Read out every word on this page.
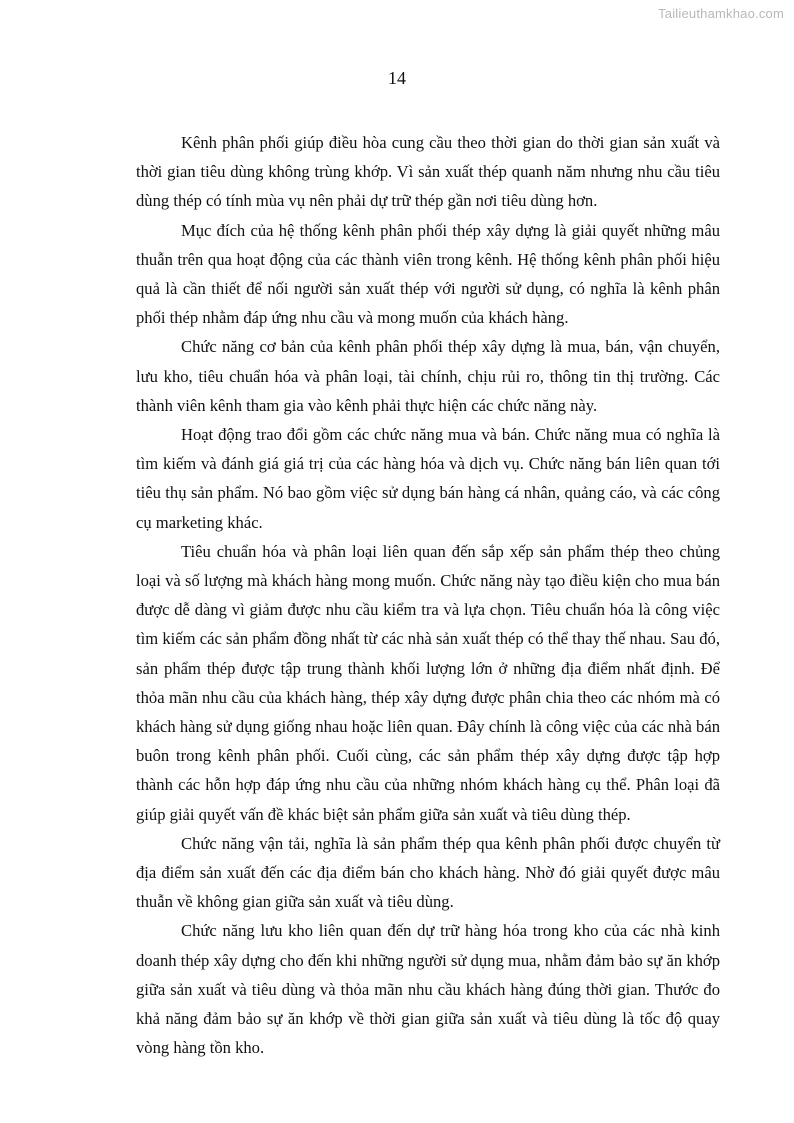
Tailieuthamkhao.com
14

Kênh phân phối giúp điều hòa cung cầu theo thời gian do thời gian sản xuất và thời gian tiêu dùng không trùng khớp. Vì sản xuất thép quanh năm nhưng nhu cầu tiêu dùng thép có tính mùa vụ nên phải dự trữ thép gần nơi tiêu dùng hơn.

Mục đích của hệ thống kênh phân phối thép xây dựng là giải quyết những mâu thuẫn trên qua hoạt động của các thành viên trong kênh. Hệ thống kênh phân phối hiệu quả là cần thiết để nối người sản xuất thép với người sử dụng, có nghĩa là kênh phân phối thép nhằm đáp ứng nhu cầu và mong muốn của khách hàng.

Chức năng cơ bản của kênh phân phối thép xây dựng là mua, bán, vận chuyển, lưu kho, tiêu chuẩn hóa và phân loại, tài chính, chịu rủi ro, thông tin thị trường. Các thành viên kênh tham gia vào kênh phải thực hiện các chức năng này.

Hoạt động trao đổi gồm các chức năng mua và bán. Chức năng mua có nghĩa là tìm kiếm và đánh giá giá trị của các hàng hóa và dịch vụ. Chức năng bán liên quan tới tiêu thụ sản phẩm. Nó bao gồm việc sử dụng bán hàng cá nhân, quảng cáo, và các công cụ marketing khác.

Tiêu chuẩn hóa và phân loại liên quan đến sắp xếp sản phẩm thép theo chủng loại và số lượng mà khách hàng mong muốn. Chức năng này tạo điều kiện cho mua bán được dễ dàng vì giảm được nhu cầu kiểm tra và lựa chọn. Tiêu chuẩn hóa là công việc tìm kiếm các sản phẩm đồng nhất từ các nhà sản xuất thép có thể thay thế nhau. Sau đó, sản phẩm thép được tập trung thành khối lượng lớn ở những địa điểm nhất định. Để thỏa mãn nhu cầu của khách hàng, thép xây dựng được phân chia theo các nhóm mà có khách hàng sử dụng giống nhau hoặc liên quan. Đây chính là công việc của các nhà bán buôn trong kênh phân phối. Cuối cùng, các sản phẩm thép xây dựng được tập hợp thành các hỗn hợp đáp ứng nhu cầu của những nhóm khách hàng cụ thể. Phân loại đã giúp giải quyết vấn đề khác biệt sản phẩm giữa sản xuất và tiêu dùng thép.

Chức năng vận tải, nghĩa là sản phẩm thép qua kênh phân phối được chuyển từ địa điểm sản xuất đến các địa điểm bán cho khách hàng. Nhờ đó giải quyết được mâu thuẫn về không gian giữa sản xuất và tiêu dùng.

Chức năng lưu kho liên quan đến dự trữ hàng hóa trong kho của các nhà kinh doanh thép xây dựng cho đến khi những người sử dụng mua, nhằm đảm bảo sự ăn khớp giữa sản xuất và tiêu dùng và thỏa mãn nhu cầu khách hàng đúng thời gian. Thước đo khả năng đảm bảo sự ăn khớp về thời gian giữa sản xuất và tiêu dùng là tốc độ quay vòng hàng tồn kho.
